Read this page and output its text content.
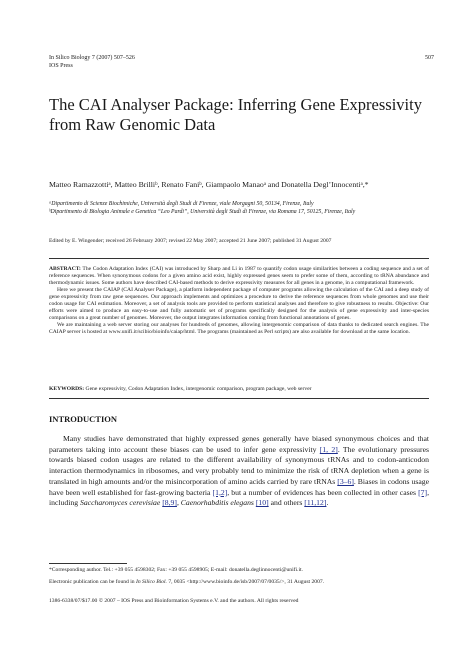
In Silico Biology 7 (2007) 507–526
IOS Press
507
The CAI Analyser Package: Inferring Gene Expressivity from Raw Genomic Data
Matteo Ramazzottiᵃ, Matteo Brilliᵇ, Renato Faniᵇ, Giampaolo Manaoᵃ and Donatella Degl’Innocentiᵃ,*
ᵃDipartimento di Scienze Biochimiche, Università degli Studi di Firenze, viale Morgagni 50, 50134, Firenze, Italy
ᵇDipartimento di Biologia Animale e Genetica “Leo Pardi”, Università degli Studi di Firenze, via Romana 17, 50125, Firenze, Italy
Edited by E. Wingender; received 26 February 2007; revised 22 May 2007; accepted 21 June 2007; published 31 August 2007

ABSTRACT: The Codon Adaptation Index (CAI) was introduced by Sharp and Li in 1987 to quantify codon usage similarities between a coding sequence and a set of reference sequences. When synonymous codons for a given amino acid exist, highly expressed genes seem to prefer some of them, according to tRNA abundance and thermodynamic issues. Some authors have described CAI-based methods to derive expressivity measures for all genes in a genome, in a computational framework.

Here we present the CAIAP (CAI Analyser Package), a platform independent package of computer programs allowing the calculation of the CAI and a deep study of gene expressivity from raw gene sequences. Our approach implements and optimizes a procedure to derive the reference sequences from whole genomes and use their codon usage for CAI estimation. Moreover, a set of analysis tools are provided to perform statistical analyses and therefore to give robustness to results. Objective: Our efforts were aimed to produce an easy-to-use and fully automatic set of programs specifically designed for the analysis of gene expressivity and inter-species comparisons on a great number of genomes. Moreover, the output integrates information coming from functional annotations of genes.

We are maintaining a web server storing our analyses for hundreds of genomes, allowing intergenomic comparison of data thanks to dedicated search engines. The CAIAP server is hosted at www.unifi.it/scibio/bioinfo/caiap/html. The programs (maintained as Perl scripts) are also available for download at the same location.

KEYWORDS: Gene expressivity, Codon Adaptation Index, intergenomic comparison, program package, web server
INTRODUCTION

Many studies have demonstrated that highly expressed genes generally have biased synonymous choices and that parameters taking into account these biases can be used to infer gene expressivity [1, 2]. The evolutionary pressures towards biased codon usages are related to the different availability of synonymous tRNAs and to codon-anticodon interaction thermodynamics in ribosomes, and very probably tend to minimize the risk of tRNA depletion when a gene is translated in high amounts and/or the misincorporation of amino acids carried by rare tRNAs [3–6]. Biases in codons usage have been well established for fast-growing bacteria [1,2], but a number of evidences has been collected in other cases [7], including Saccharomyces cerevisiae [8,9], Caenorhabditis elegans [10] and others [11,12].

*Corresponding author. Tel.: +39 055 4598302; Fax: +39 055 4598905; E-mail: donatella.deglinnocenti@unifi.it.
Electronic publication can be found in In Silico Biol. 7, 0035 <http://www.bioinfo.de/isb/2007/07/0035/>, 31 August 2007.
1386-6338/07/$17.00 © 2007 – IOS Press and Bioinformation Systems e.V. and the authors. All rights reserved
